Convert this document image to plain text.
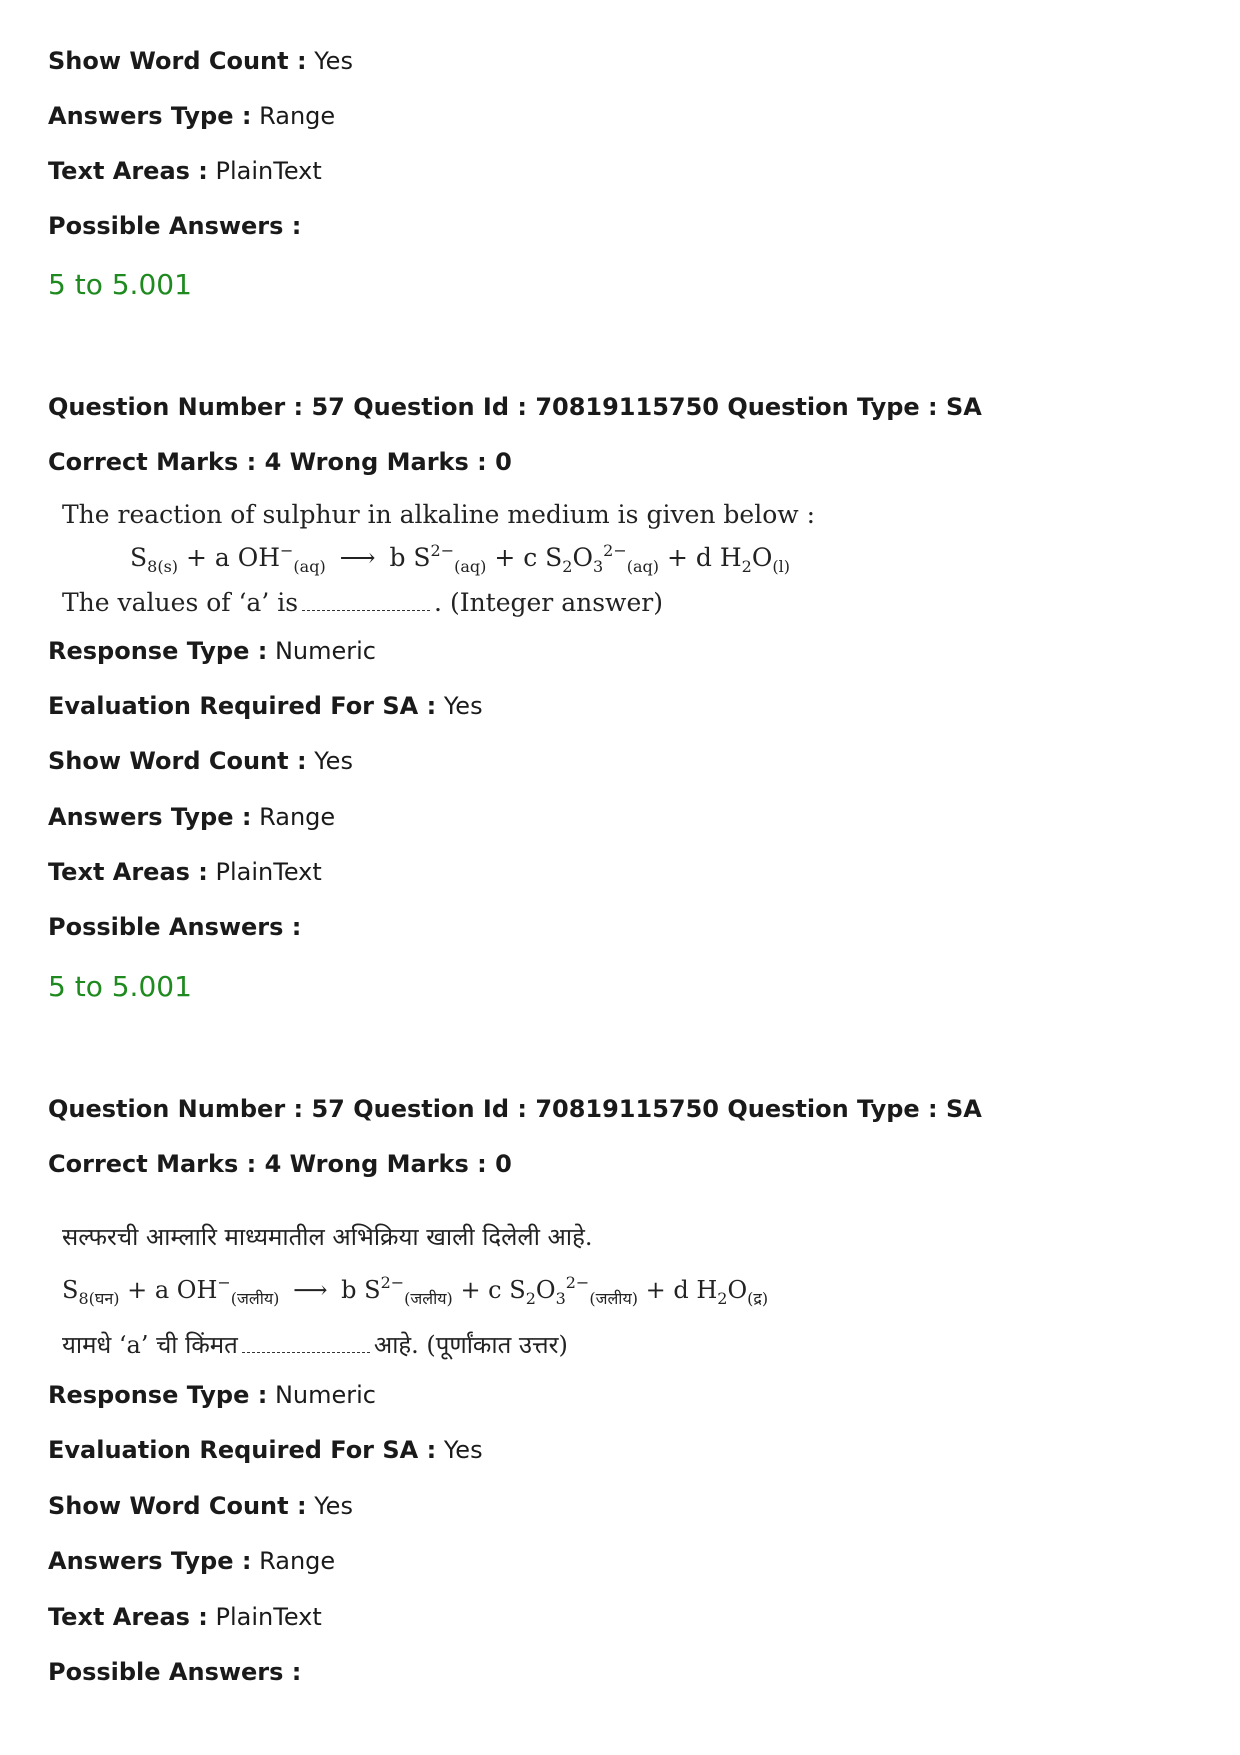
Show Word Count : Yes
Answers Type : Range
Text Areas : PlainText
Possible Answers :
5 to 5.001
Question Number : 57 Question Id : 70819115750 Question Type : SA
Correct Marks : 4 Wrong Marks : 0
The reaction of sulphur in alkaline medium is given below :
$S_{8(s)} + a$ $OH^-_{(aq)}$ ⟶ b $S^{2-}_{(aq)} + c$ $S_2O_3^{2-}_{(aq)} + d$ $H_2O_{(l)}$
The values of ‘a’ is	. (Integer answer)
Response Type : Numeric
Evaluation Required For SA : Yes
Show Word Count : Yes
Answers Type : Range
Text Areas : PlainText
Possible Answers :
5 to 5.001
Question Number : 57 Question Id : 70819115750 Question Type : SA
Correct Marks : 4 Wrong Marks : 0
सल्फरची आम्लारि माध्यमातील अभिक्रिया खाली दिलेली आहे.
$S_{8(घन)} + a$ $OH^-_{(जलीय)}$ ⟶ b $S^{2-}_{(जलीय)} + c$ $S_2O_3^{2-}_{(जलीय)} + d$ $H_2O_{(द्र)}$
यामधे ‘a’ ची किंमत	आहे. (पूर्णांकात उत्तर)
Response Type : Numeric
Evaluation Required For SA : Yes
Show Word Count : Yes
Answers Type : Range
Text Areas : PlainText
Possible Answers :
